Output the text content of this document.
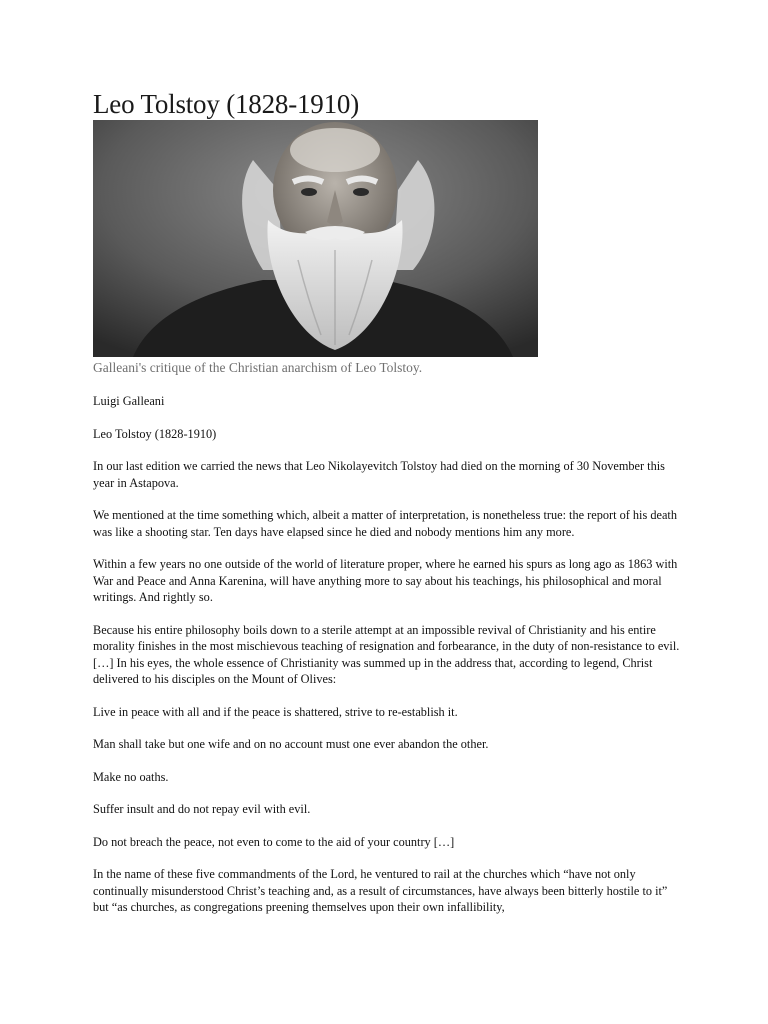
Leo Tolstoy (1828-1910)
Galleani's critique of the Christian anarchism of Leo Tolstoy.

Luigi Galleani

Leo Tolstoy (1828-1910)

In our last edition we carried the news that Leo Nikolayevitch Tolstoy had died on the morning of 30 November this year in Astapova.

We mentioned at the time something which, albeit a matter of interpretation, is nonetheless true: the report of his death was like a shooting star. Ten days have elapsed since he died and nobody mentions him any more.

Within a few years no one outside of the world of literature proper, where he earned his spurs as long ago as 1863 with War and Peace and Anna Karenina, will have anything more to say about his teachings, his philosophical and moral writings. And rightly so.

Because his entire philosophy boils down to a sterile attempt at an impossible revival of Christianity and his entire morality finishes in the most mischievous teaching of resignation and forbearance, in the duty of non-resistance to evil. […] In his eyes, the whole essence of Christianity was summed up in the address that, according to legend, Christ delivered to his disciples on the Mount of Olives:

Live in peace with all and if the peace is shattered, strive to re-establish it.

Man shall take but one wife and on no account must one ever abandon the other.

Make no oaths.

Suffer insult and do not repay evil with evil.

Do not breach the peace, not even to come to the aid of your country […]

In the name of these five commandments of the Lord, he ventured to rail at the churches which “have not only continually misunderstood Christ’s teaching and, as a result of circumstances, have always been bitterly hostile to it” but “as churches, as congregations preening themselves upon their own infallibility,
